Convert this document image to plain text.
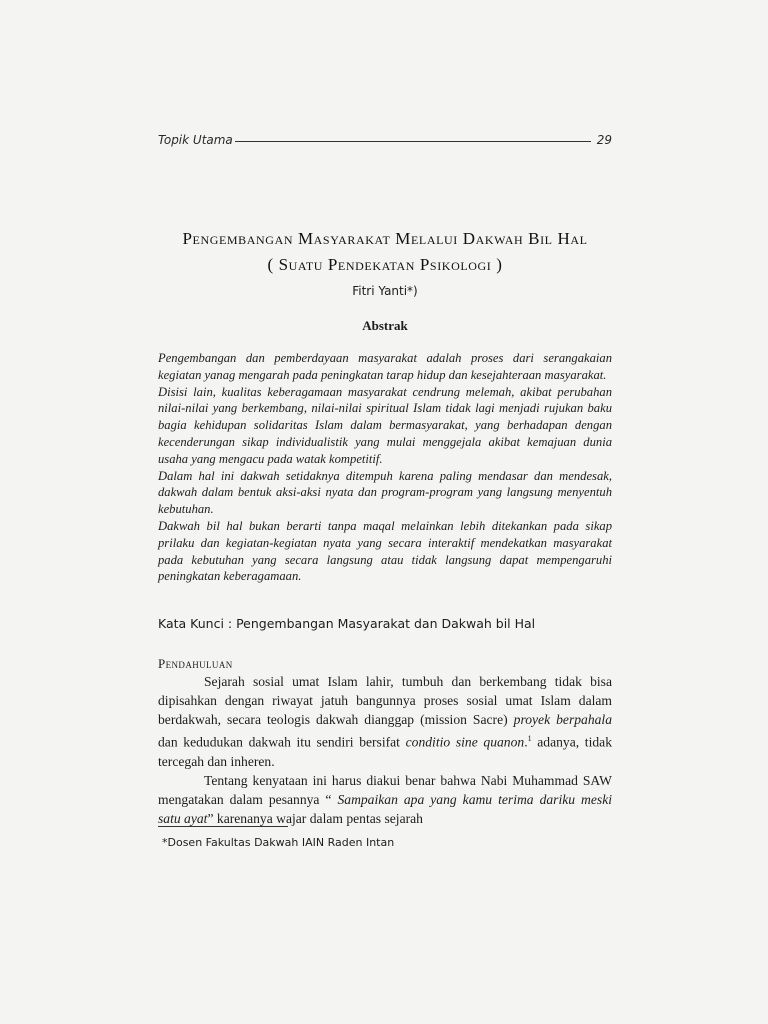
Topik Utama	29
Pengembangan Masyarakat Melalui Dakwah Bil Hal
( Suatu Pendekatan Psikologi )
Fitri Yanti*)
Abstrak

Pengembangan dan pemberdayaan masyarakat adalah proses dari serangakaian kegiatan yanag mengarah pada peningkatan tarap hidup dan kesejahteraan masyarakat.

Disisi lain, kualitas keberagamaan masyarakat cendrung melemah, akibat perubahan nilai-nilai yang berkembang, nilai-nilai spiritual Islam tidak lagi menjadi rujukan baku bagia kehidupan solidaritas Islam dalam bermasyarakat, yang berhadapan dengan kecenderungan sikap individualistik yang mulai menggejala akibat kemajuan dunia usaha yang mengacu pada watak kompetitif.

Dalam hal ini dakwah setidaknya ditempuh karena paling mendasar dan mendesak, dakwah dalam bentuk aksi-aksi nyata dan program-program yang langsung menyentuh kebutuhan.

Dakwah bil hal bukan berarti tanpa maqal melainkan lebih ditekankan pada sikap prilaku dan kegiatan-kegiatan nyata yang secara interaktif mendekatkan masyarakat pada kebutuhan yang secara langsung atau tidak langsung dapat mempengaruhi peningkatan keberagamaan.

Kata Kunci : Pengembangan Masyarakat dan Dakwah bil Hal
Pendahuluan

Sejarah sosial umat Islam lahir, tumbuh dan berkembang tidak bisa dipisahkan dengan riwayat jatuh bangunnya proses sosial umat Islam dalam berdakwah, secara teologis dakwah dianggap (mission Sacre) proyek berpahala dan kedudukan dakwah itu sendiri bersifat conditio sine quanon.$^1$ adanya, tidak tercegah dan inheren.

Tentang kenyataan ini harus diakui benar bahwa Nabi Muhammad SAW mengatakan dalam pesannya “ Sampaikan apa yang kamu terima dariku meski satu ayat” karenanya wajar dalam pentas sejarah

*Dosen Fakultas Dakwah IAIN Raden Intan
